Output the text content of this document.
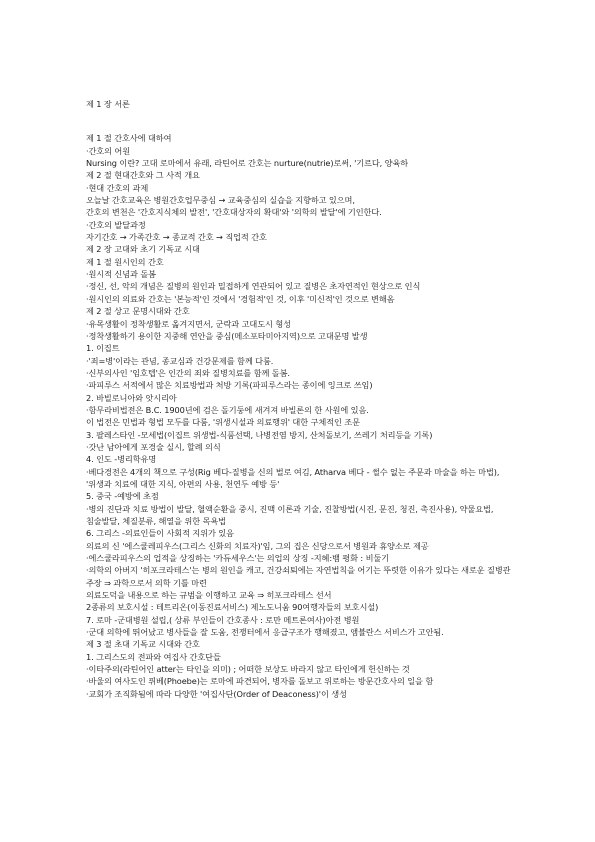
제 1 장 서론
제 1 절 간호사에 대하여
·간호의 어원
Nursing 이란? 고대 로마에서 유래, 라틴어로 간호는 nurture(nutrie)로써, '기르다, 양육하
제 2 절 현대간호와 그 사적 개요
·현대 간호의 과제
오늘날 간호교육은 병원간호업무중심 → 교육중심의 실습을 지향하고 있으며,
간호의 변천은 '간호지식체의 발전', '간호대상자의 확대'와 '의학의 발달'에 기인한다.
·간호의 발달과정
자기간호 → 가족간호 → 종교적 간호 → 직업적 간호
제 2 장 고대와 초기 기독교 시대
제 1 절 원시인의 간호
·원시적 신념과 돌봄
·정신, 선, 악의 개념은 질병의 원인과 밀접하게 연관되어 있고 질병은 초자연적인 현상으로 인식
·원시인의 의료와 간호는 '본능적'인 것에서 '경험적'인 것, 이후 '미신적'인 것으로 변해옴
제 2 절 상고 문명시대와 간호
·유목생활이 정착생활로 옮겨지면서, 군락과 고대도시 형성
·정착생활하기 용이한 지중해 연안을 중심(메소포타미아지역)으로 고대문명 발생
1. 이집트
·'죄=병'이라는 관념, 종교심과 건강문제를 함께 다룸.
·신부의사인 '임호텝'은 인간의 죄와 질병치료를 함께 돌봄.
·파피루스 서적에서 많은 치료방법과 처방 기록(파피루스라는 종이에 잉크로 쓰임)
2. 바빌로니아와 앗시리아
·함무라비법전은 B.C. 1900년에 검은 돌기둥에 새겨져 바빌론의 한 사원에 있음.
이 법전은 민법과 형법 모두를 다룸, '위생시설과 의료행위' 대한 구체적인 조문
3. 팔레스타인 -모세법(이집트 위생법-식품선택, 나병전염 방지, 산처돌보기, 쓰레기 처리등을 기록)
·갓난 남아에게 포경술 실시, 할례 의식
4. 인도 -병리학유명
·베다경전은 4개의 책으로 구성(Rig 베다-질병을 신의 벌로 여김, Atharva 베다 - 썰수 없는 주문과 마술을 하는 마법), '위생과 치료에 대한 지식, 아편의 사용, 천연두 예방 등'
5. 중국 -예방에 초점
·병의 진단과 치료 방법이 발달, 혈액순환을 중시, 진맥 이론과 기술, 진찰방법(시진, 문진, 청진, 촉진사용), 약물요법, 침술발달, 체질분류, 해열을 위한 목욕법
6. 그리스 -의료인들이 사회적 지위가 있음
의료의 신 '에스쿨레피우스(그리스 신화의 치료자)'임, 그의 집은 신당으로서 병원과 휴양소로 제공
·에스쿨라피우스의 업적을 상징하는 '카듀세우스'는 의업의 상징 -지혜:뱀 평화 : 비둘기
·의학의 아버지 '히포크라테스'는 병의 원인을 캐고, 건강쇠퇴에는 자연법칙을 어기는 뚜렷한 이유가 있다는 새로운 질병관 주장 ⇒ 과학으로서 의학 기틀 마련
의료도덕을 내용으로 하는 규범을 이행하고 교육 ⇒ 히포크라테스 선서
2종류의 보호시설 : 테트리온(이동진료서비스) 제노도니움 90여행자들의 보호시설)
7. 로마 -군대병원 설립,( 상류 부인들이 간호종사 : 로만 메트론여사)아전 병원
·군대 의학에 뛰어났고 병사들을 잘 도움, 전쟁터에서 응급구조가 행해졌고, 앰뷸란스 서비스가 고안됨.
제 3 절 초대 기독교 시대와 간호
1. 그리스도의 전파와 여집사 간호단들
·이타주의(라틴어인 atter는 타인을 의미) ; 어떠한 보상도 바라지 않고 타인에게 헌신하는 것
·바울의 여사도인 퓌베(Phoebe)는 로마에 파견되어, 병자를 돌보고 위로하는 방문간호사의 일을 함
·교회가 조직화됨에 따라 다양한 '여집사단(Order of Deaconess)'이 생성
